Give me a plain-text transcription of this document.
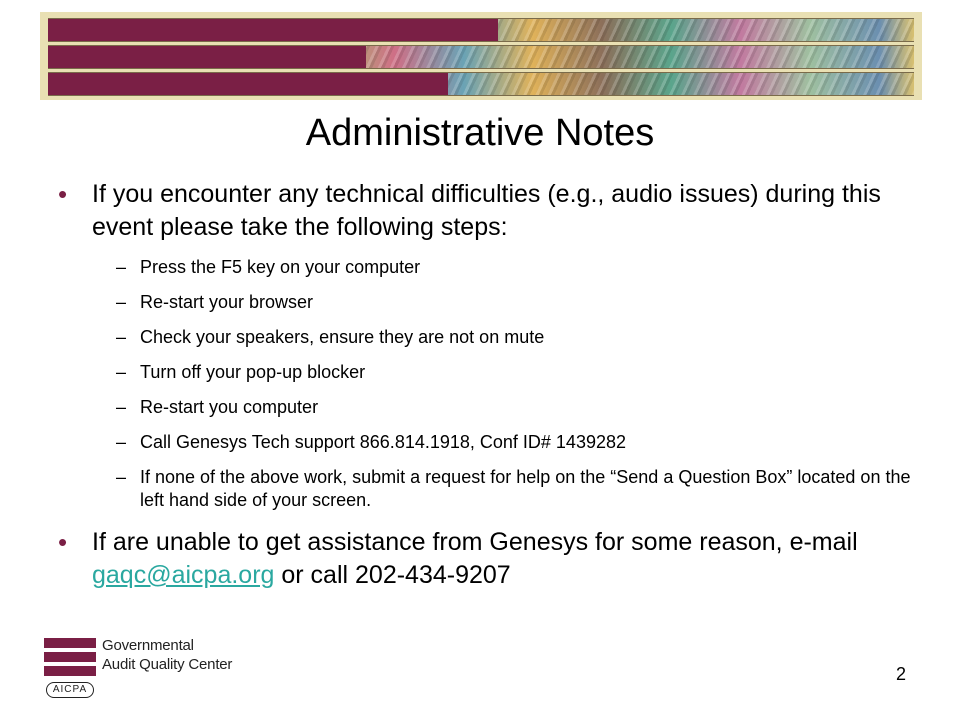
Administrative Notes
• If you encounter any technical difficulties (e.g., audio issues) during this event please take the following steps:
– Press the F5 key on your computer
– Re-start your browser
– Check your speakers, ensure they are not on mute
– Turn off your pop-up blocker
– Re-start you computer
– Call Genesys Tech support 866.814.1918, Conf ID# 1439282
– If none of the above work, submit a request for help on the “Send a Question Box” located on the left hand side of your screen.
• If are unable to get assistance from Genesys for some reason, e-mail gaqc@aicpa.org or call 202-434-9207
Governmental
Audit Quality Center
AICPA
2
